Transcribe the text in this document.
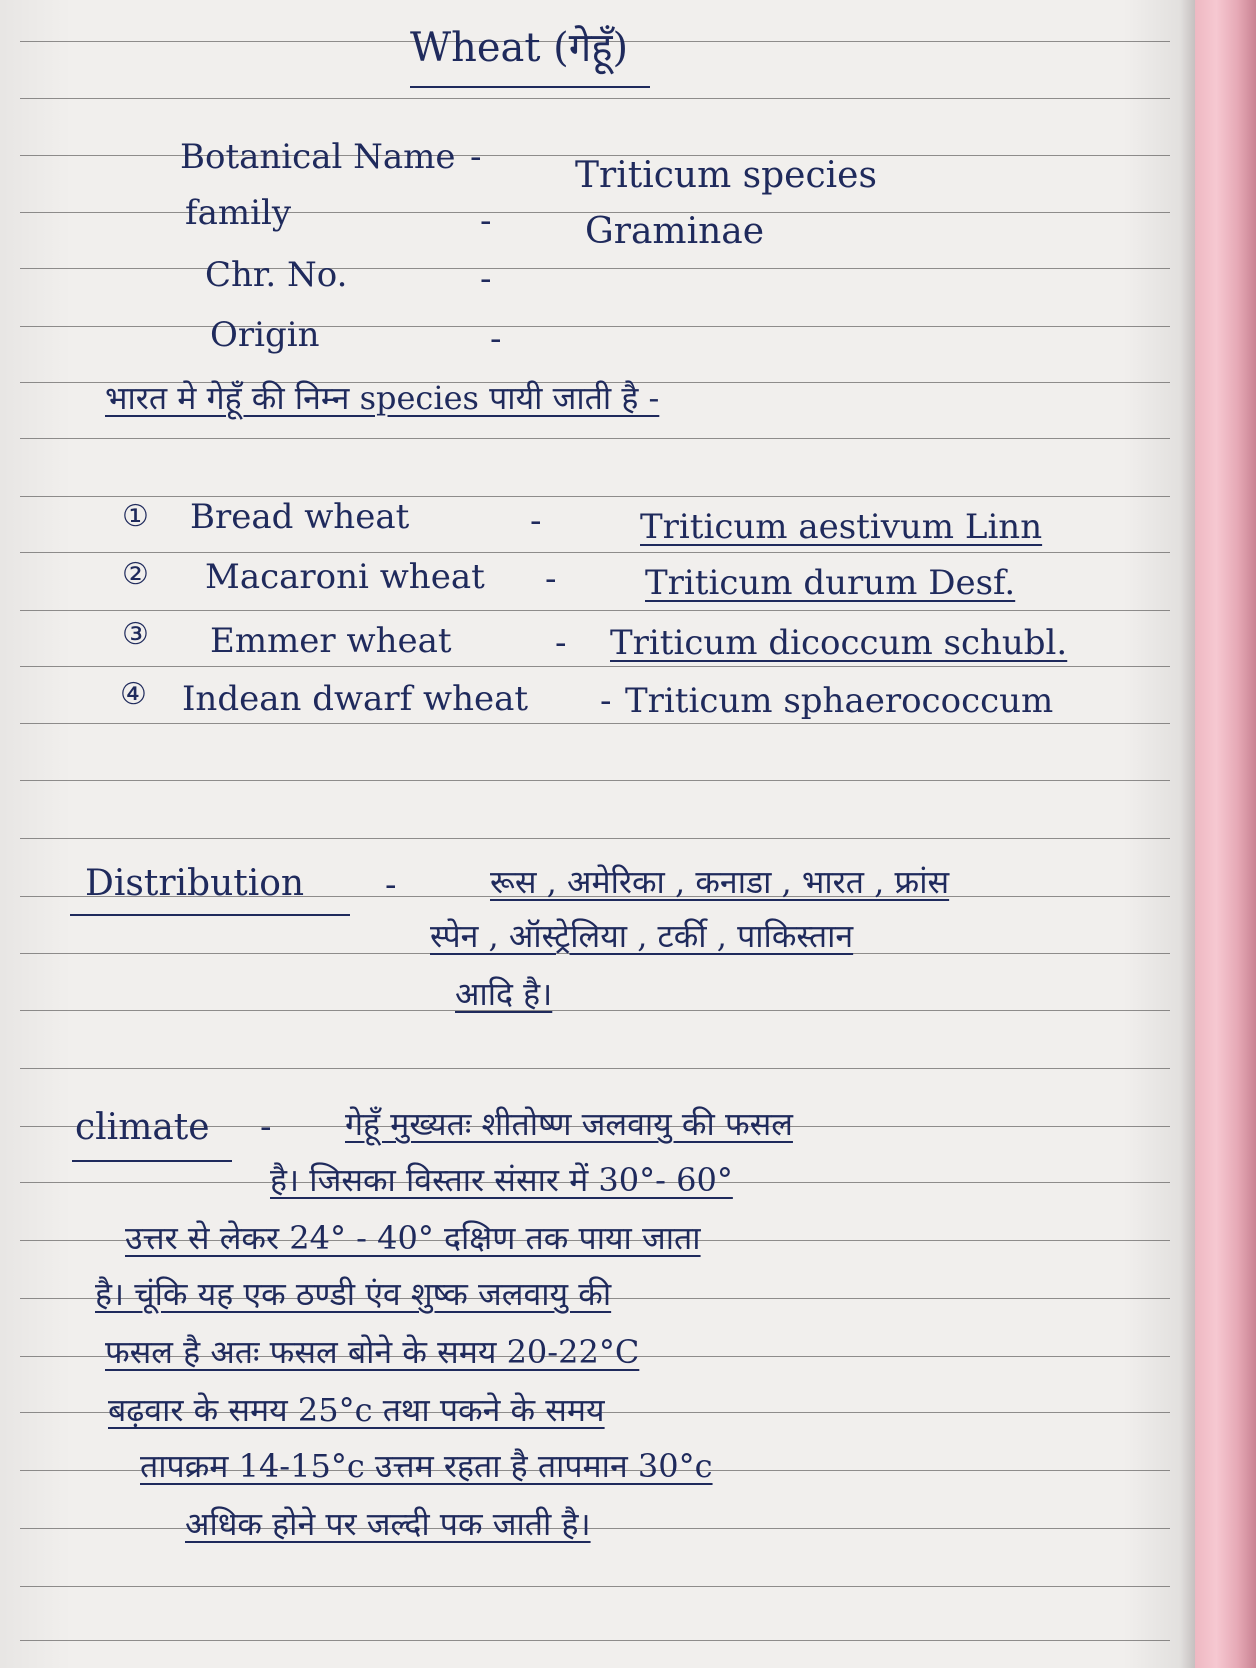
Wheat (गेहूँ)
Botanical Name -	Triticum species
family	-	Graminae
Chr. No.	-
Origin	-
भारत मे गेहूँ की निम्न species पायी जाती है -
① Bread wheat	-	Triticum aestivum Linn
② Macaroni wheat -	Triticum durum Desf.
③ Emmer wheat	- Triticum dicoccum schubl.
④ Indean dwarf wheat - Triticum sphaerococcum
Distribution -	रूस , अमेरिका , कनाडा , भारत , फ्रांस
स्पेन , ऑस्ट्रेलिया , टर्की , पाकिस्तान
आदि है।
climate - गेहूँ मुख्यतः शीतोष्ण जलवायु की फसल
है। जिसका विस्तार संसार में 30°- 60°
उत्तर से लेकर 24° - 40° दक्षिण तक पाया जाता
है। चूंकि यह एक ठण्डी एंव शुष्क जलवायु की
फसल है अतः फसल बोने के समय 20-22°C
बढ़वार के समय 25°c तथा पकने के समय
तापक्रम 14-15°c उत्तम रहता है तापमान 30°c
अधिक होने पर जल्दी पक जाती है।
